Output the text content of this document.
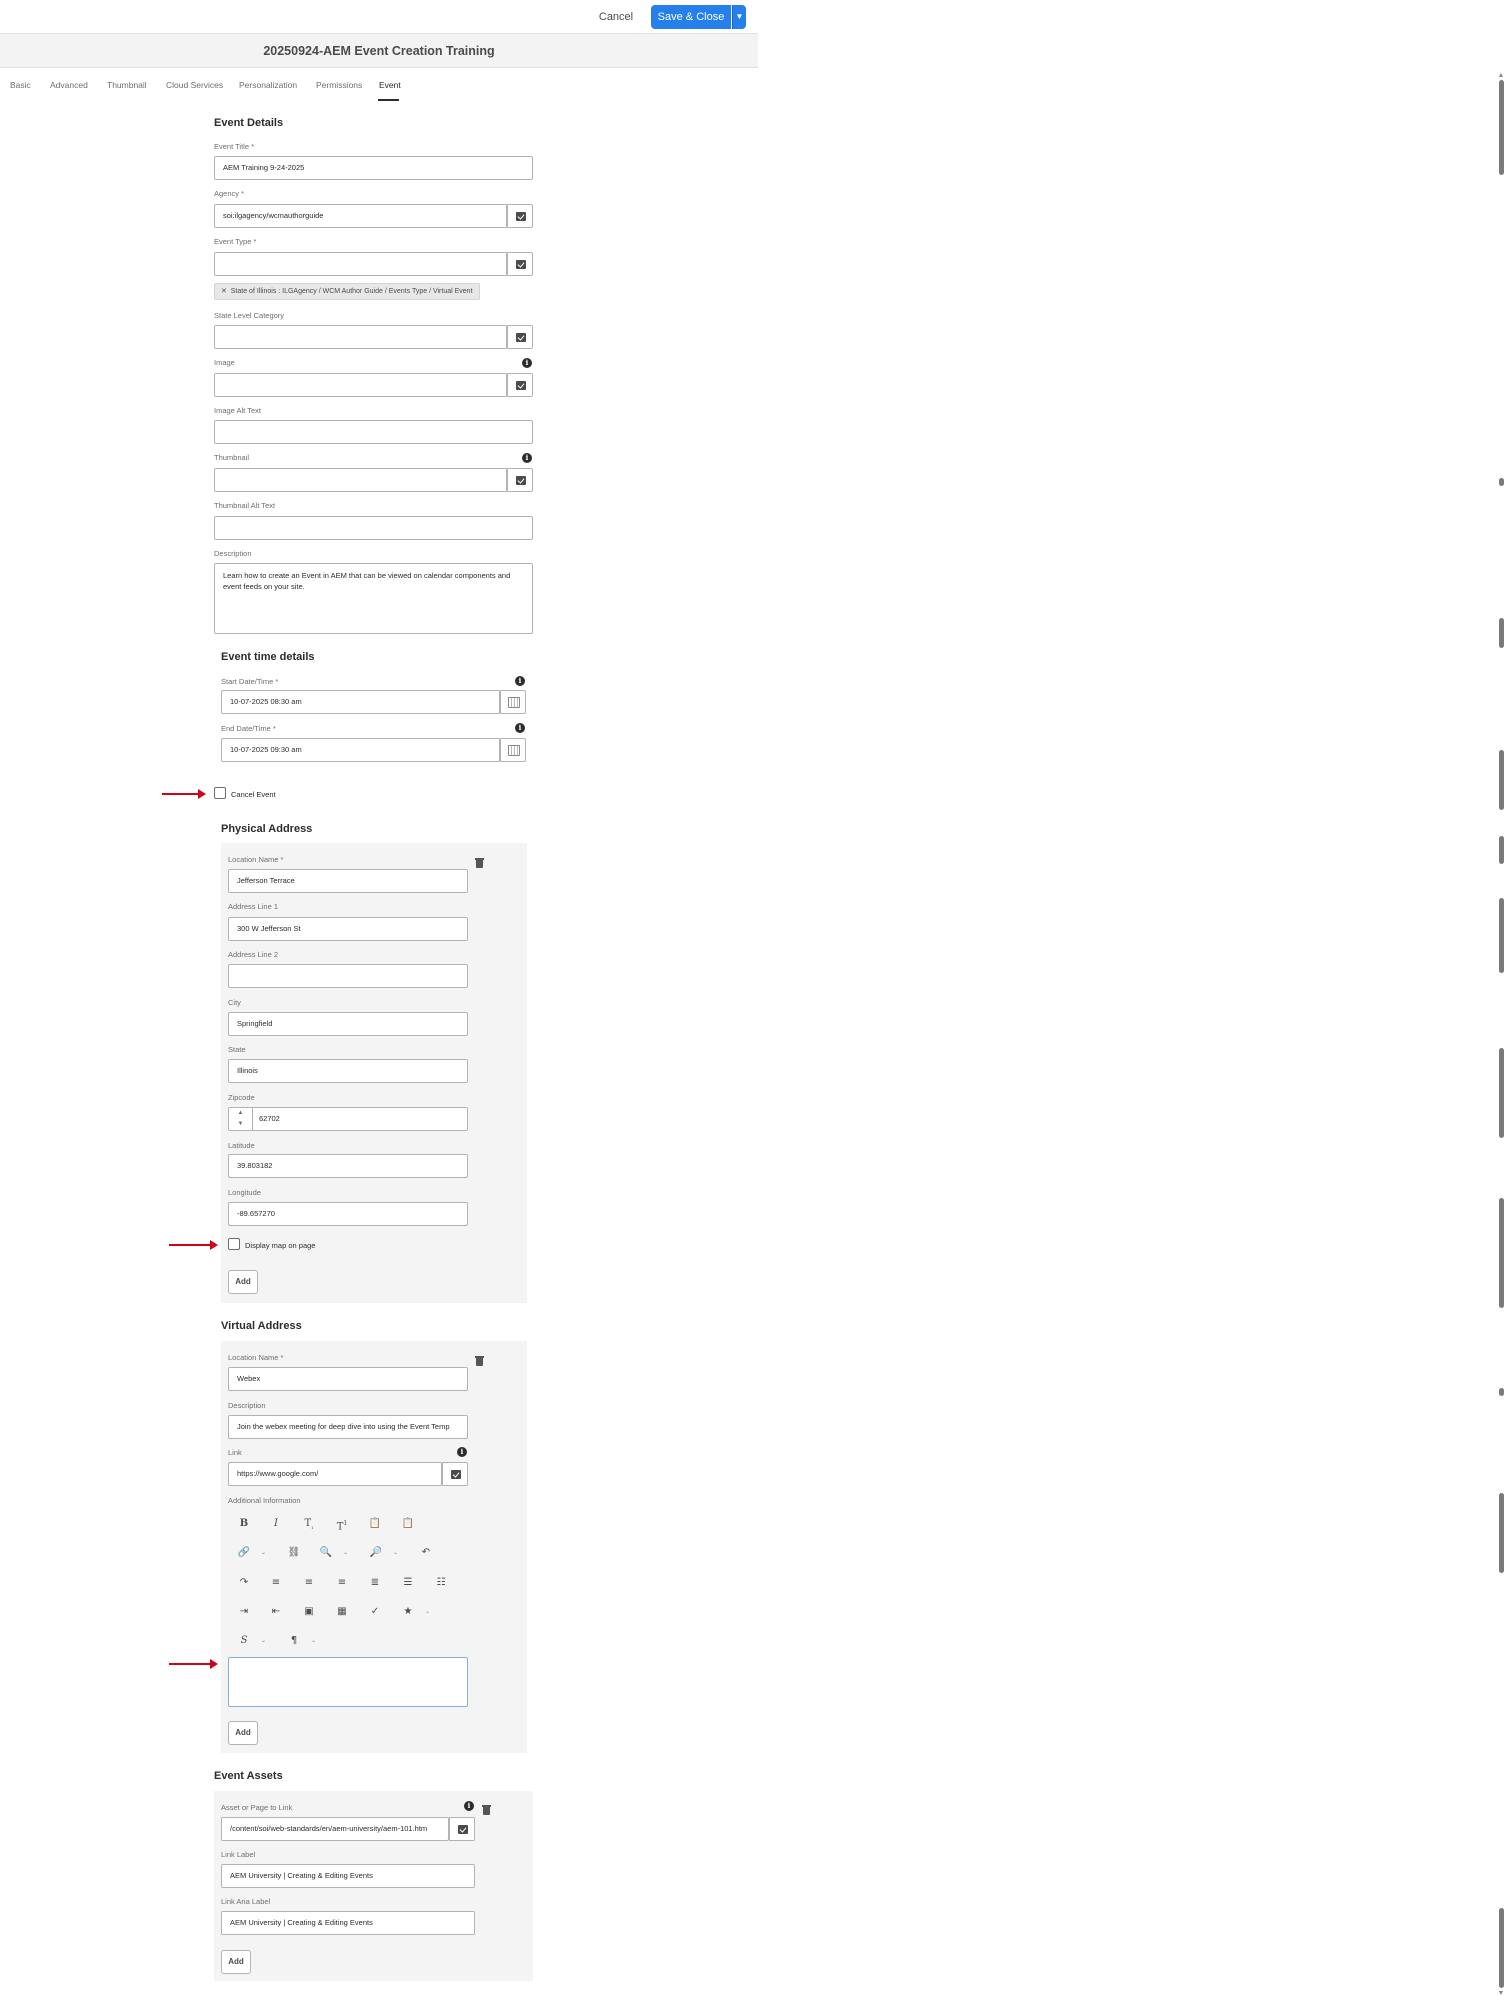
Cancel	Save & Close	▼
20250924-AEM Event Creation Training
Basic Advanced Thumbnail Cloud Services Personalization Permissions Event
▲
▼
Event Details
Event Title *
AEM Training 9-24-2025
Agency *
soi:ilgagency/wcmauthorguide
Event Type *
✕ State of Illinois : ILGAgency / WCM Author Guide / Events Type / Virtual Event
State Level Category
Image	i
Image Alt Text
Thumbnail	i
Thumbnail Alt Text
Description
Learn how to create an Event in AEM that can be viewed on calendar components and event feeds on your site.
Event time details
Start Date/Time *	i
10-07-2025 08:30 am
End Date/Time *	i
10-07-2025 09:30 am
Cancel Event
Physical Address
Location Name *
Jefferson Terrace
Address Line 1
300 W Jefferson St
Address Line 2
City
Springfield
State
Illinois
Zipcode
62702
▲
▼
Latitude
39.803182
Longitude
-89.657270
Display map on page
Add
Virtual Address
Location Name *
Webex
Description
Join the webex meeting for deep dive into using the Event Temp
Link	i
https://www.google.com/
Additional Information
B	I	$T_{_1}$	$T^1$ 📋 📋
🔗 ⌄ ⛓ 🔍 ⌄ 🔎 ⌄	↶
↷	≡	≡	≡	≣	☰	☷
⇥	⇤	▣	▦	✓	★	⌄
S	⌄	¶	⌄
Add
Event Assets
Asset or Page to Link	i
/content/soi/web-standards/en/aem-university/aem-101.htm
Link Label
AEM University | Creating & Editing Events
Link Aria Label
AEM University | Creating & Editing Events
Add
